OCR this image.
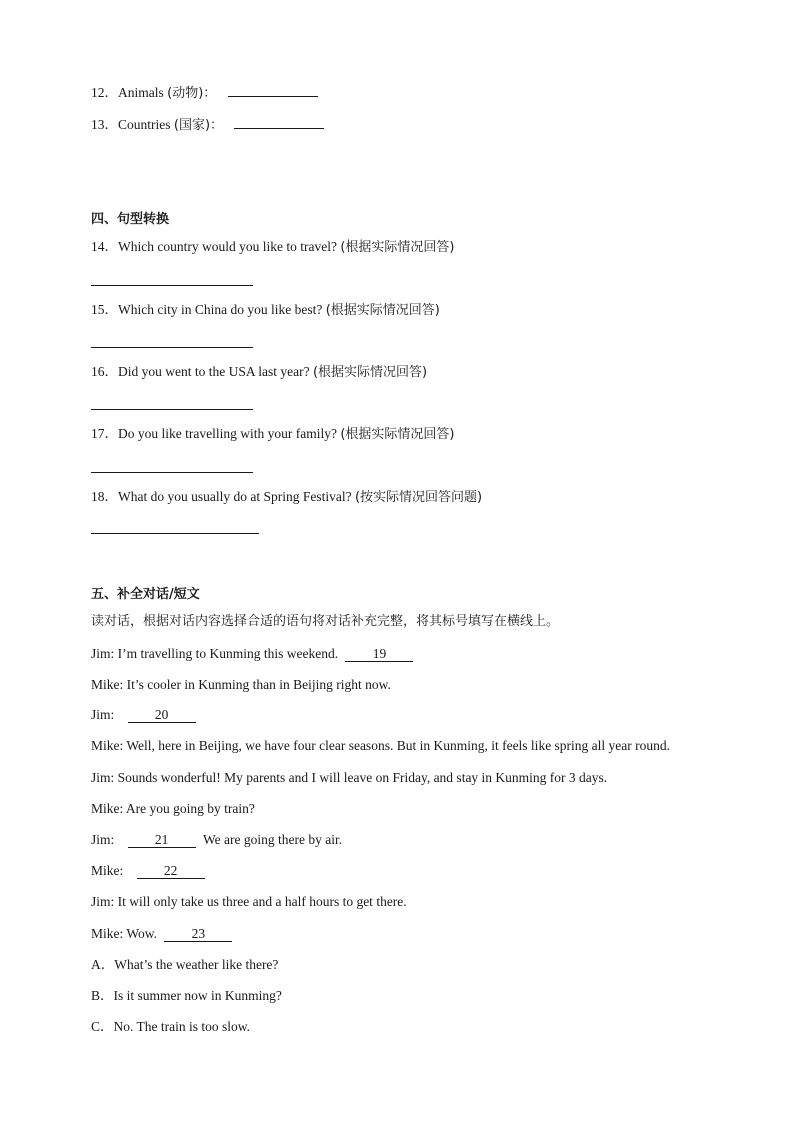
12．Animals (动物)：
13．Countries (国家)：
四、句型转换
14．Which country would you like to travel? (根据实际情况回答)
15．Which city in China do you like best? (根据实际情况回答)
16．Did you went to the USA last year? (根据实际情况回答)
17．Do you like travelling with your family? (根据实际情况回答)
18．What do you usually do at Spring Festival? (按实际情况回答问题)
五、补全对话/短文
读对话，根据对话内容选择合适的语句将对话补充完整，将其标号填写在横线上。
Jim: I’m travelling to Kunming this weekend.	19
Mike: It’s cooler in Kunming than in Beijing right now.
Jim:	20
Mike: Well, here in Beijing, we have four clear seasons. But in Kunming, it feels like spring all year round.
Jim: Sounds wonderful! My parents and I will leave on Friday, and stay in Kunming for 3 days.
Mike: Are you going by train?
Jim:	21	We are going there by air.
Mike:	22
Jim: It will only take us three and a half hours to get there.
Mike: Wow.	23
A．What’s the weather like there?
B．Is it summer now in Kunming?
C．No. The train is too slow.
